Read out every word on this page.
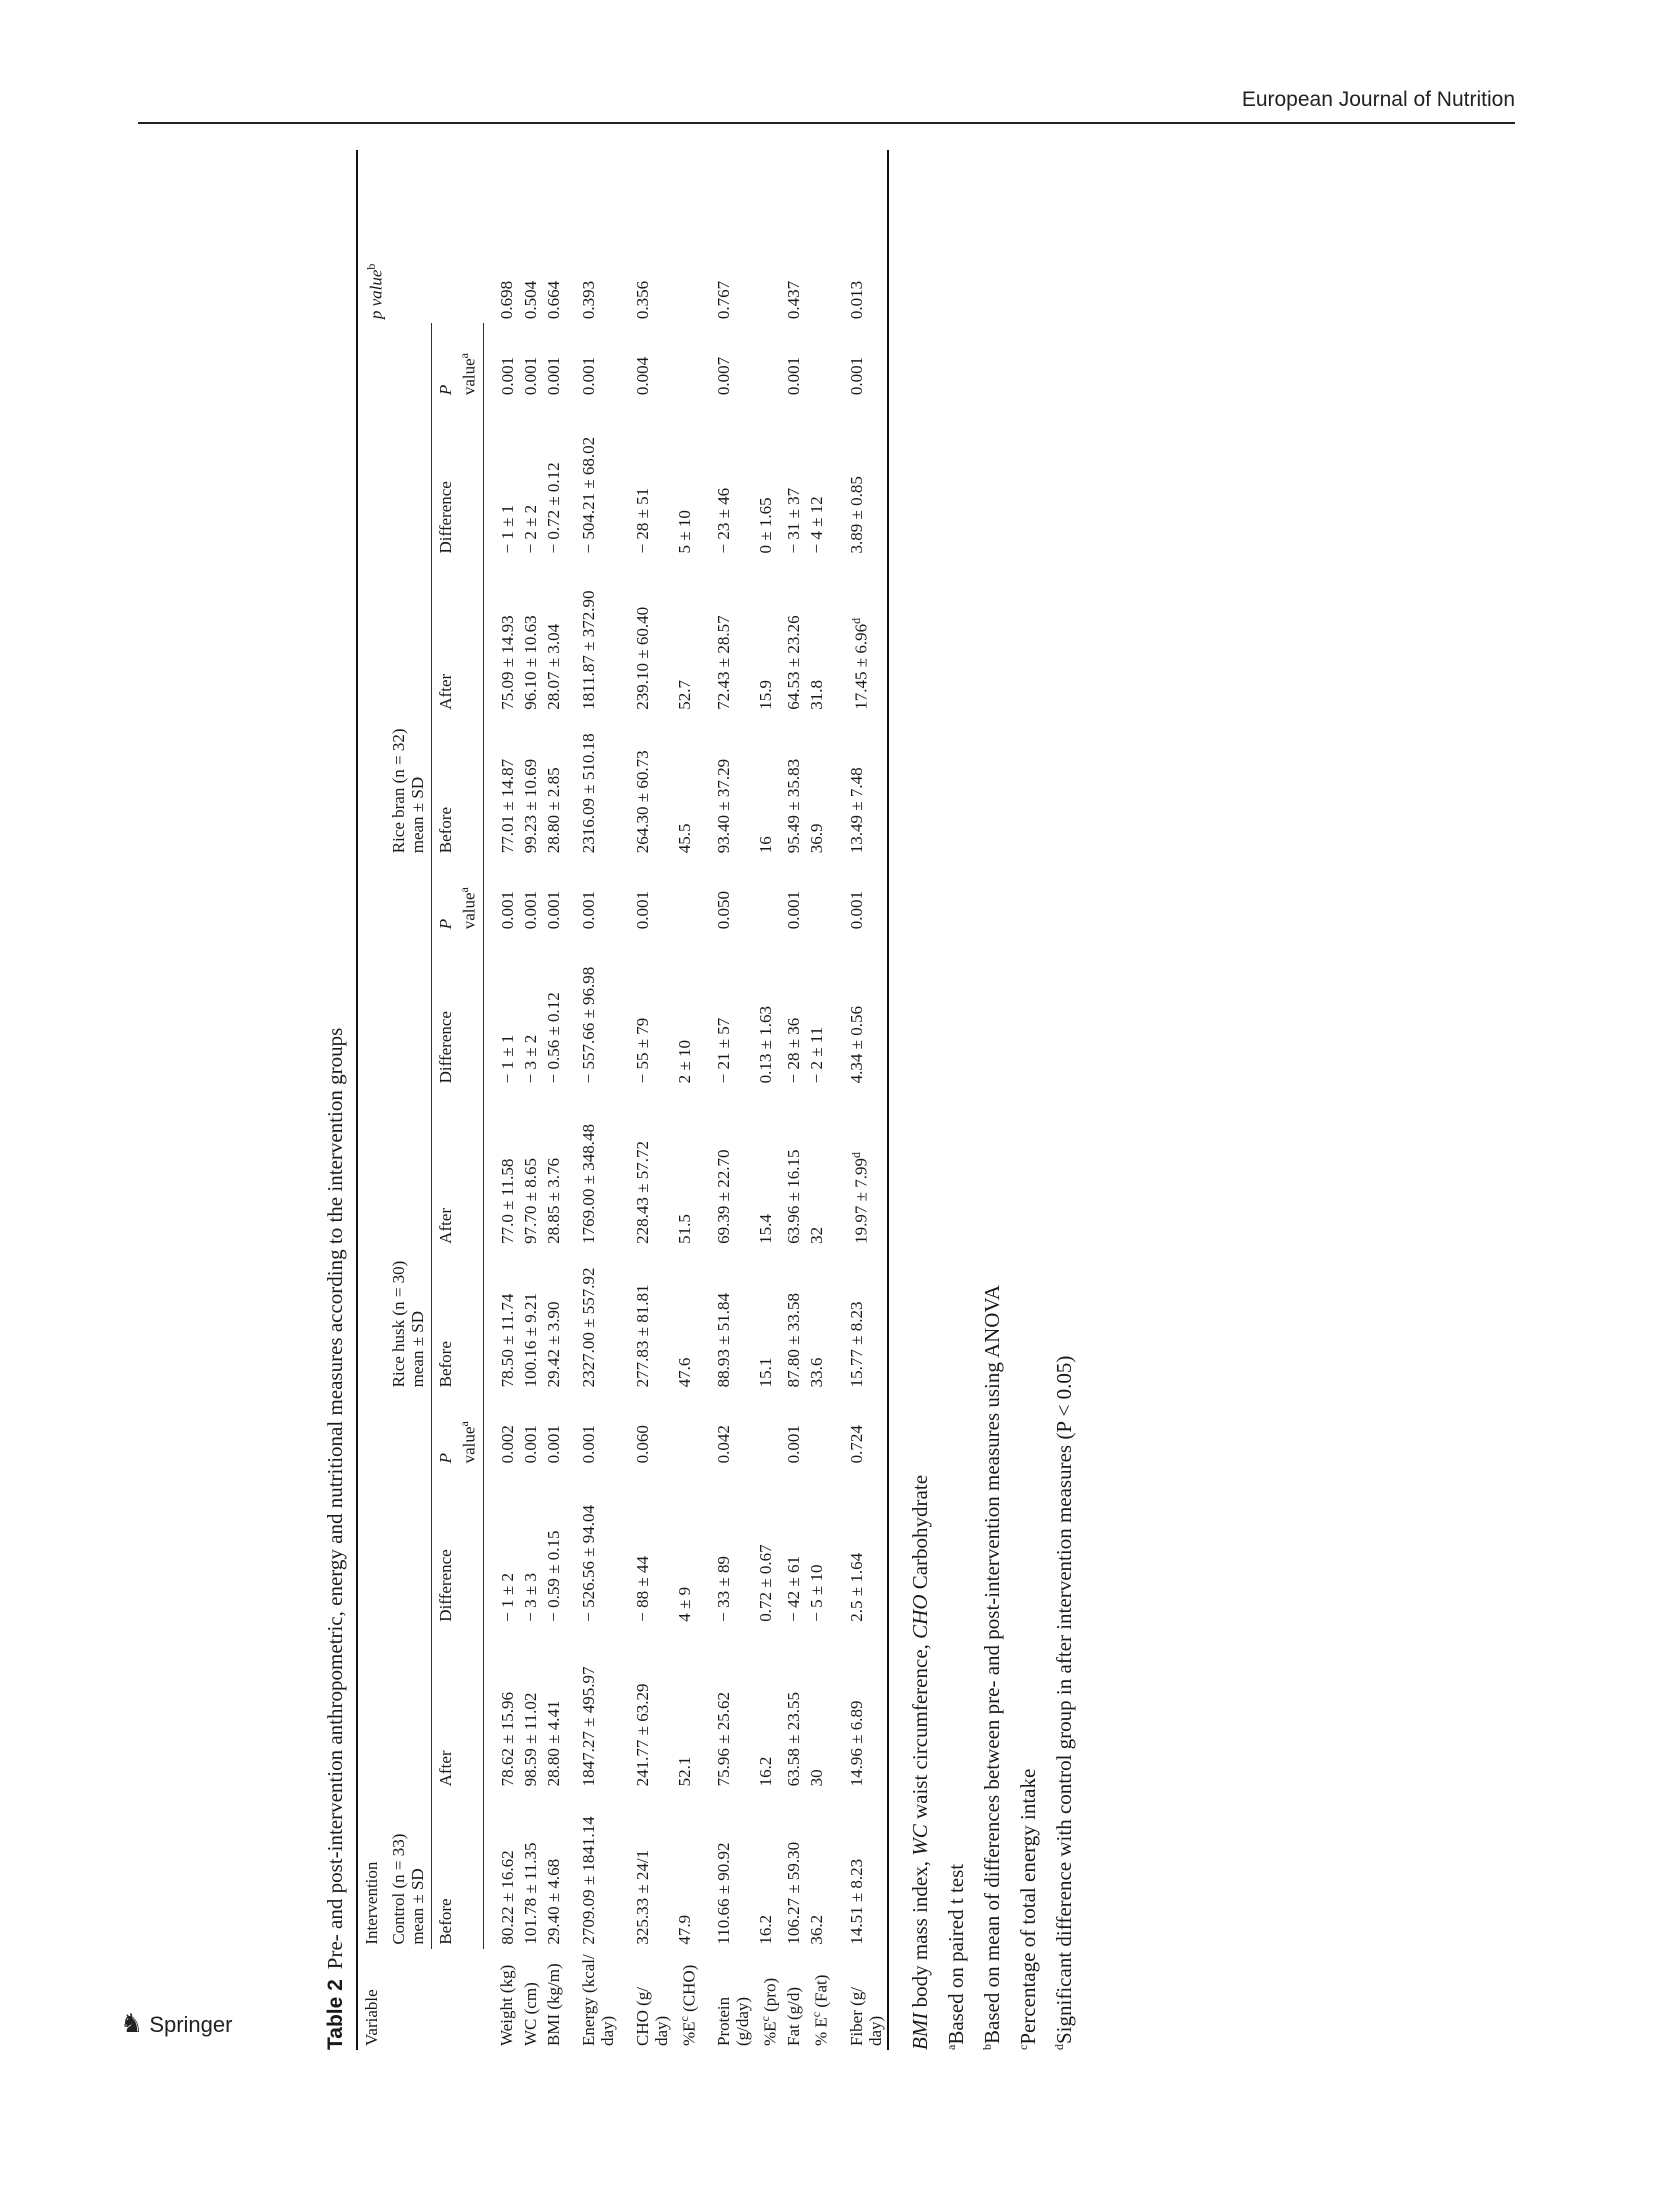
European Journal of Nutrition
♞ Springer	Table 2Pre- and post-intervention anthropometric, energy and nutritional measures according to the intervention groups
Variable	Intervention												p value$^b$
	Control (n = 33)
mean ± SD				Rice husk (n = 30)
mean ± SD				Rice bran (n = 32)
mean ± SD				
	Before	After	Difference	P value$^a$	Before	After	Difference	P value$^a$	Before	After	Difference	P value$^a$
Weight (kg)	80.22 ± 16.62	78.62 ± 15.96	− 1 ± 2	0.002	78.50 ± 11.74	77.0 ± 11.58	− 1 ± 1	0.001	77.01 ± 14.87	75.09 ± 14.93	− 1 ± 1	0.001	0.698
WC (cm)	101.78 ± 11.35	98.59 ± 11.02	− 3 ± 3	0.001	100.16 ± 9.21	97.70 ± 8.65	− 3 ± 2	0.001	99.23 ± 10.69	96.10 ± 10.63	− 2 ± 2	0.001	0.504
BMI (kg/m)	29.40 ± 4.68	28.80 ± 4.41	− 0.59 ± 0.15	0.001	29.42 ± 3.90	28.85 ± 3.76	− 0.56 ± 0.12	0.001	28.80 ± 2.85	28.07 ± 3.04	− 0.72 ± 0.12	0.001	0.664
Energy (kcal/ day)	2709.09 ± 1841.14	1847.27 ± 495.97	− 526.56 ± 94.04	0.001	2327.00 ± 557.92	1769.00 ± 348.48	− 557.66 ± 96.98	0.001	2316.09 ± 510.18	1811.87 ± 372.90	− 504.21 ± 68.02	0.001	0.393
CHO (g/ day)	325.33 ± 24/1	241.77 ± 63.29	− 88 ± 44	0.060	277.83 ± 81.81	228.43 ± 57.72	− 55 ± 79	0.001	264.30 ± 60.73	239.10 ± 60.40	− 28 ± 51	0.004	0.356
$\%E^c$ (CHO)	47.9	52.1	4 ± 9		47.6	51.5	2 ± 10		45.5	52.7	5 ± 10		
Protein (g/day)	110.66 ± 90.92	75.96 ± 25.62	− 33 ± 89	0.042	88.93 ± 51.84	69.39 ± 22.70	− 21 ± 57	0.050	93.40 ± 37.29	72.43 ± 28.57	− 23 ± 46	0.007	0.767
$\%E^c$ (pro)	16.2	16.2	0.72 ± 0.67		15.1	15.4	0.13 ± 1.63		16	15.9	0 ± 1.65		
Fat (g/d)	106.27 ± 59.30	63.58 ± 23.55	− 42 ± 61	0.001	87.80 ± 33.58	63.96 ± 16.15	− 28 ± 36	0.001	95.49 ± 35.83	64.53 ± 23.26	− 31 ± 37	0.001	0.437
% $E^c$ (Fat)	36.2	30	− 5 ± 10		33.6	32	− 2 ± 11		36.9	31.8	− 4 ± 12		
Fiber (g/ day)	14.51 ± 8.23	14.96 ± 6.89	2.5 ± 1.64	0.724	15.77 ± 8.23	19.97 ± 7.99$^d$	4.34 ± 0.56	0.001	13.49 ± 7.48	17.45 ± 6.96$^d$	3.89 ± 0.85	0.001	0.013
BMI body mass index, WC waist circumference, CHO Carbohydrate
$^a$Based on paired t test
$^b$Based on mean of differences between pre- and post-intervention measures using ANOVA
$^c$Percentage of total energy intake
$^d$Significant difference with control group in after intervention measures (P < 0.05)
